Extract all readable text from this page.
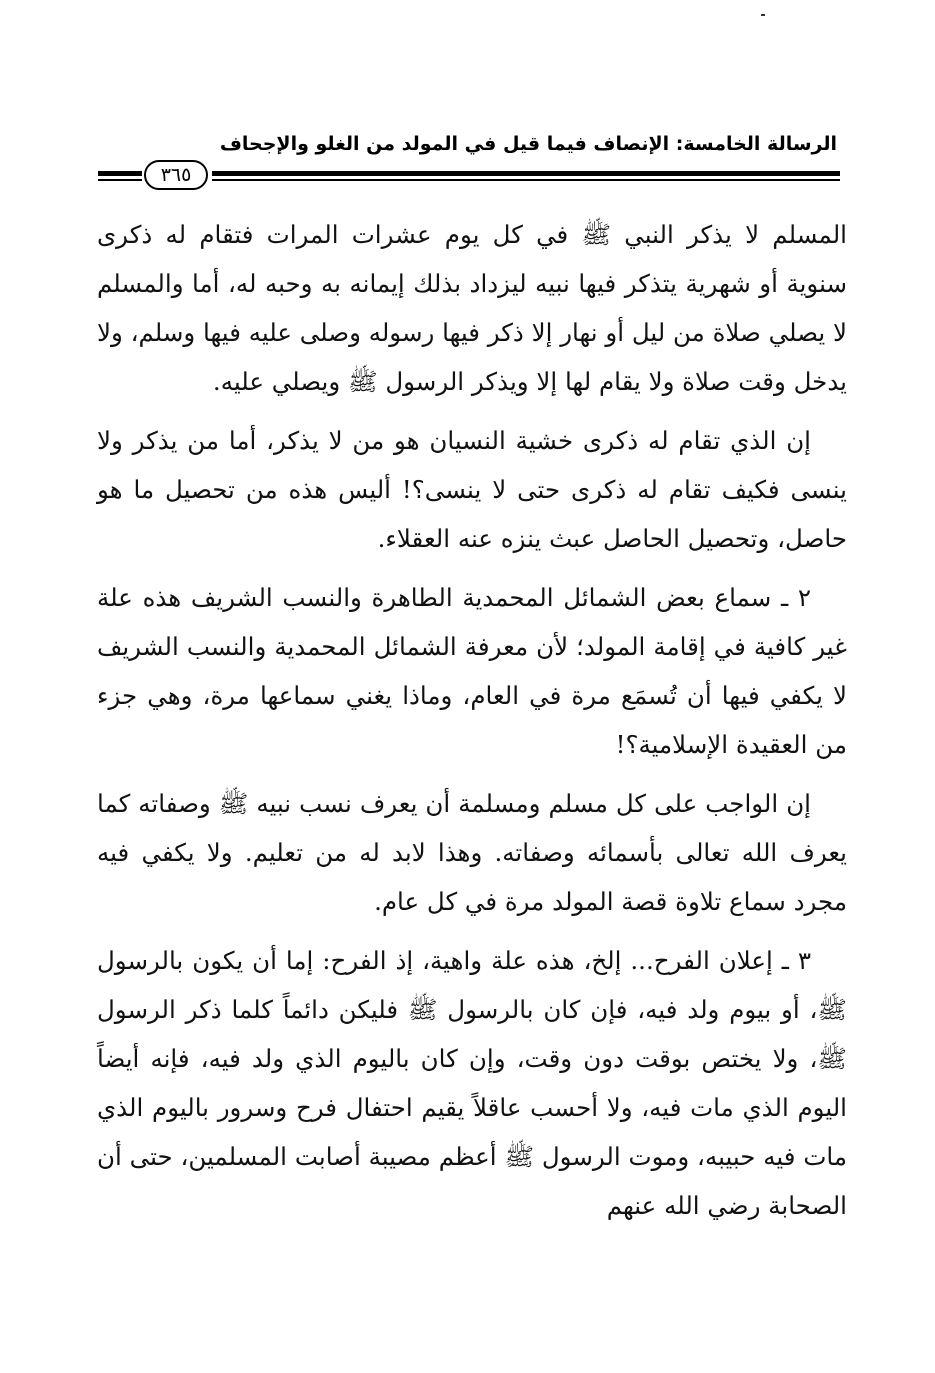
الرسالة الخامسة: الإنصاف فيما قيل في المولد من الغلو والإجحاف
٣٦٥

المسلم لا يذكر النبي ﷺ في كل يوم عشرات المرات فتقام له ذكرى سنوية أو شهرية يتذكر فيها نبيه ليزداد بذلك إيمانه به وحبه له، أما والمسلم لا يصلي صلاة من ليل أو نهار إلا ذكر فيها رسوله وصلى عليه فيها وسلم، ولا يدخل وقت صلاة ولا يقام لها إلا ويذكر الرسول ﷺ ويصلي عليه.

إن الذي تقام له ذكرى خشية النسيان هو من لا يذكر، أما من يذكر ولا ينسى فكيف تقام له ذكرى حتى لا ينسى؟! أليس هذه من تحصيل ما هو حاصل، وتحصيل الحاصل عبث ينزه عنه العقلاء.

٢ ـ سماع بعض الشمائل المحمدية الطاهرة والنسب الشريف هذه علة غير كافية في إقامة المولد؛ لأن معرفة الشمائل المحمدية والنسب الشريف لا يكفي فيها أن تُسمَع مرة في العام، وماذا يغني سماعها مرة، وهي جزء من العقيدة الإسلامية؟!

إن الواجب على كل مسلم ومسلمة أن يعرف نسب نبيه ﷺ وصفاته كما يعرف الله تعالى بأسمائه وصفاته. وهذا لابد له من تعليم. ولا يكفي فيه مجرد سماع تلاوة قصة المولد مرة في كل عام.

٣ ـ إعلان الفرح... إلخ، هذه علة واهية، إذ الفرح: إما أن يكون بالرسول ﷺ، أو بيوم ولد فيه، فإن كان بالرسول ﷺ فليكن دائماً كلما ذكر الرسول ﷺ، ولا يختص بوقت دون وقت، وإن كان باليوم الذي ولد فيه، فإنه أيضاً اليوم الذي مات فيه، ولا أحسب عاقلاً يقيم احتفال فرح وسرور باليوم الذي مات فيه حبيبه، وموت الرسول ﷺ أعظم مصيبة أصابت المسلمين، حتى أن الصحابة رضي الله عنهم
